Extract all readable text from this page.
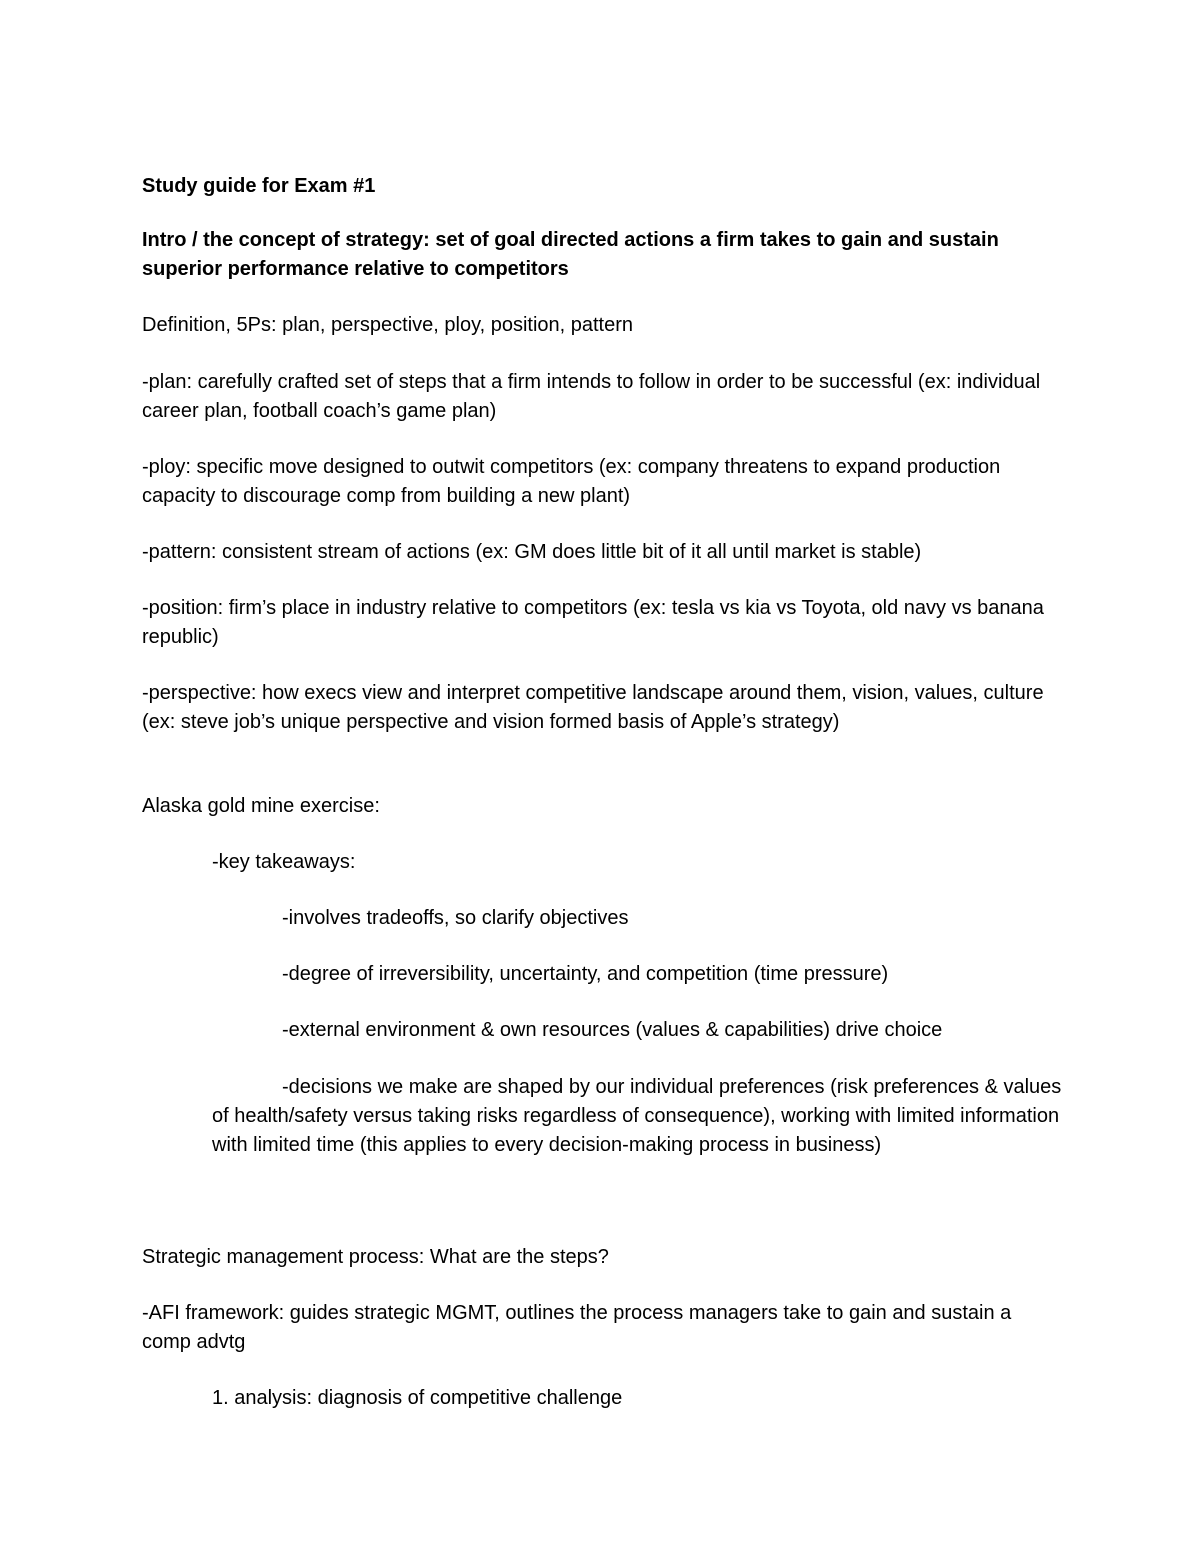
Study guide for Exam #1

Intro / the concept of strategy: set of goal directed actions a firm takes to gain and sustain superior performance relative to competitors

Definition, 5Ps: plan, perspective, ploy, position, pattern

-plan: carefully crafted set of steps that a firm intends to follow in order to be successful (ex: individual career plan, football coach’s game plan)

-ploy: specific move designed to outwit competitors (ex: company threatens to expand production capacity to discourage comp from building a new plant)

-pattern: consistent stream of actions (ex: GM does little bit of it all until market is stable)

-position: firm’s place in industry relative to competitors (ex: tesla vs kia vs Toyota, old navy vs banana republic)

-perspective: how execs view and interpret competitive landscape around them, vision, values, culture (ex: steve job’s unique perspective and vision formed basis of Apple’s strategy)

Alaska gold mine exercise:

-key takeaways:

-involves tradeoffs, so clarify objectives

-degree of irreversibility, uncertainty, and competition (time pressure)

-external environment & own resources (values & capabilities) drive choice

-decisions we make are shaped by our individual preferences (risk preferences & values of health/safety versus taking risks regardless of consequence), working with limited information with limited time (this applies to every decision-making process in business)

Strategic management process: What are the steps?

-AFI framework: guides strategic MGMT, outlines the process managers take to gain and sustain a comp advtg

1. analysis: diagnosis of competitive challenge
